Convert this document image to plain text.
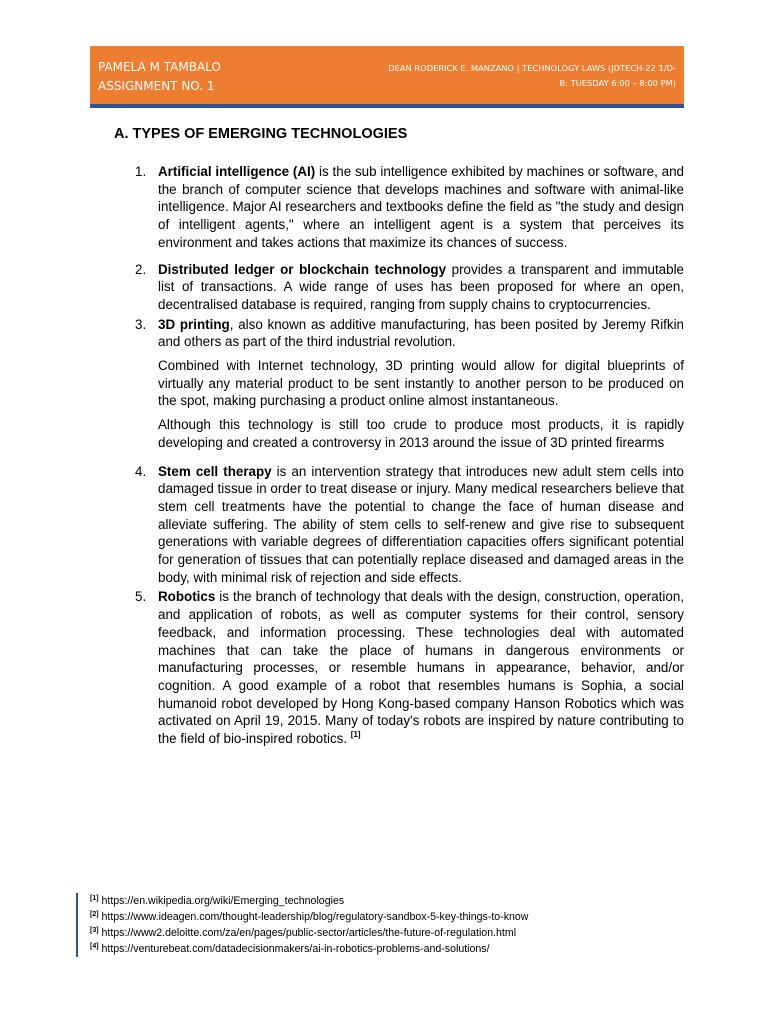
PAMELA M TAMBALO
ASSIGNMENT NO. 1
DEAN RODERICK E. MANZANO | TECHNOLOGY LAWS (JDTECH-22 1/D-
B: TUESDAY 6:00 – 8:00 PM)
A. TYPES OF EMERGING TECHNOLOGIES
1. Artificial intelligence (AI) is the sub intelligence exhibited by machines or software, and the branch of computer science that develops machines and software with animal-like intelligence. Major AI researchers and textbooks define the field as "the study and design of intelligent agents," where an intelligent agent is a system that perceives its environment and takes actions that maximize its chances of success.

2. Distributed ledger or blockchain technology provides a transparent and immutable list of transactions. A wide range of uses has been proposed for where an open, decentralised database is required, ranging from supply chains to cryptocurrencies.

3. 3D printing, also known as additive manufacturing, has been posited by Jeremy Rifkin and others as part of the third industrial revolution.

Combined with Internet technology, 3D printing would allow for digital blueprints of virtually any material product to be sent instantly to another person to be produced on the spot, making purchasing a product online almost instantaneous.

Although this technology is still too crude to produce most products, it is rapidly developing and created a controversy in 2013 around the issue of 3D printed firearms

4. Stem cell therapy is an intervention strategy that introduces new adult stem cells into damaged tissue in order to treat disease or injury. Many medical researchers believe that stem cell treatments have the potential to change the face of human disease and alleviate suffering. The ability of stem cells to self-renew and give rise to subsequent generations with variable degrees of differentiation capacities offers significant potential for generation of tissues that can potentially replace diseased and damaged areas in the body, with minimal risk of rejection and side effects.

5. Robotics is the branch of technology that deals with the design, construction, operation, and application of robots, as well as computer systems for their control, sensory feedback, and information processing. These technologies deal with automated machines that can take the place of humans in dangerous environments or manufacturing processes, or resemble humans in appearance, behavior, and/or cognition. A good example of a robot that resembles humans is Sophia, a social humanoid robot developed by Hong Kong-based company Hanson Robotics which was activated on April 19, 2015. Many of today's robots are inspired by nature contributing to the field of bio-inspired robotics. [1]

[1] https://en.wikipedia.org/wiki/Emerging_technologies
[2] https://www.ideagen.com/thought-leadership/blog/regulatory-sandbox-5-key-things-to-know
[3] https://www2.deloitte.com/za/en/pages/public-sector/articles/the-future-of-regulation.html
[4] https://venturebeat.com/datadecisionmakers/ai-in-robotics-problems-and-solutions/
